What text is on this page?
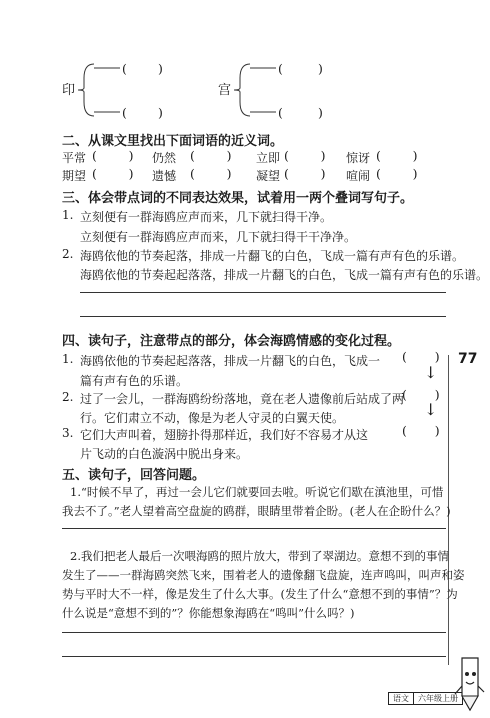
印
( )
( )
宫
(	)
(	)
二、从课文里找出下面词语的近义词。
平常 (        ) 仍然 (        ) 立即 (        ) 惊讶 (        )
期望 (        ) 遗憾 (        ) 凝望 (        ) 喧闹 (        )
三、体会带点词的不同表达效果，试着用一两个叠词写句子。
1. 立刻便有一群海鸥应声而来，几下就扫得干净。
立刻便有一群海鸥应声而来，几下就扫得干干净净。
2. 海鸥依他的节奏起落，排成一片翻飞的白色，飞成一篇有声有色的乐谱。
海鸥依他的节奏起起落落，排成一片翻飞的白色，飞成一篇有声有色的乐谱。
77
四、读句子，注意带点的部分，体会海鸥情感的变化过程。
1. 海鸥依他的节奏起起落落，排成一片翻飞的白色，飞成一
篇有声有色的乐谱。
(       )
↓
2. 过了一会儿，一群海鸥纷纷落地，竟在老人遗像前后站成了两
行。它们肃立不动，像是为老人守灵的白翼天使。
(       )
↓
3. 它们大声叫着，翅膀扑得那样近，我们好不容易才从这
片飞动的白色漩涡中脱出身来。
(       )
五、读句子，回答问题。
1.“时候不早了，再过一会儿它们就要回去啦。听说它们歇在滇池里，可惜
我去不了。”老人望着高空盘旋的鸥群，眼睛里带着企盼。(老人在企盼什么？)
2.我们把老人最后一次喂海鸥的照片放大，带到了翠湖边。意想不到的事情
发生了——一群海鸥突然飞来，围着老人的遗像翻飞盘旋，连声鸣叫，叫声和姿
势与平时大不一样，像是发生了什么大事。(发生了什么“意想不到的事情”？为
什么说是“意想不到的”？你能想象海鸥在“鸣叫”什么吗？)
语文	六年级上册
